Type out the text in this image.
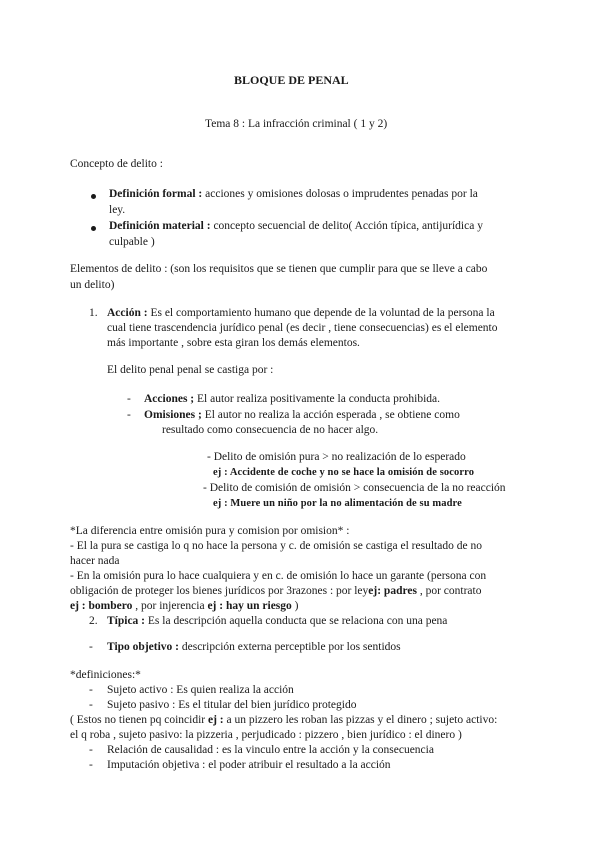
BLOQUE DE PENAL
Tema 8 : La infracción criminal ( 1 y 2)
Concepto de delito :
Definición formal : acciones y omisiones dolosas o imprudentes penadas por la
ley.
Definición material : concepto secuencial de delito( Acción típica, antijurídica y
culpable )
Elementos de delito : (son los requisitos que se tienen que cumplir para que se lleve a cabo
un delito)
1. Acción : Es el comportamiento humano que depende de la voluntad de la persona la
cual tiene trascendencia jurídico penal (es decir , tiene consecuencias) es el elemento
más importante , sobre esta giran los demás elementos.
El delito penal penal se castiga por :
- Acciones ; El autor realiza positivamente la conducta prohibida.
- Omisiones ; El autor no realiza la acción esperada , se obtiene como
resultado como consecuencia de no hacer algo.
- Delito de omisión pura > no realización de lo esperado
ej : Accidente de coche y no se hace la omisión de socorro
- Delito de comisión de omisión > consecuencia de la no reacción
ej : Muere un niño por la no alimentación de su madre
*La diferencia entre omisión pura y comision por omision* :
- El la pura se castiga lo q no hace la persona y c. de omisión se castiga el resultado de no
hacer nada
- En la omisión pura lo hace cualquiera y en c. de omisión lo hace un garante (persona con
obligación de proteger los bienes jurídicos por 3razones : por leyej: padres , por contrato
ej : bombero , por injerencia ej : hay un riesgo )
2. Típica : Es la descripción aquella conducta que se relaciona con una pena
- Tipo objetivo : descripción externa perceptible por los sentidos
*definiciones:*
- Sujeto activo : Es quien realiza la acción
- Sujeto pasivo : Es el titular del bien jurídico protegido
( Estos no tienen pq coincidir ej : a un pizzero les roban las pizzas y el dinero ; sujeto activo:
el q roba , sujeto pasivo: la pizzeria , perjudicado : pizzero , bien jurídico : el dinero )
- Relación de causalidad : es la vinculo entre la acción y la consecuencia
- Imputación objetiva : el poder atribuir el resultado a la acción
